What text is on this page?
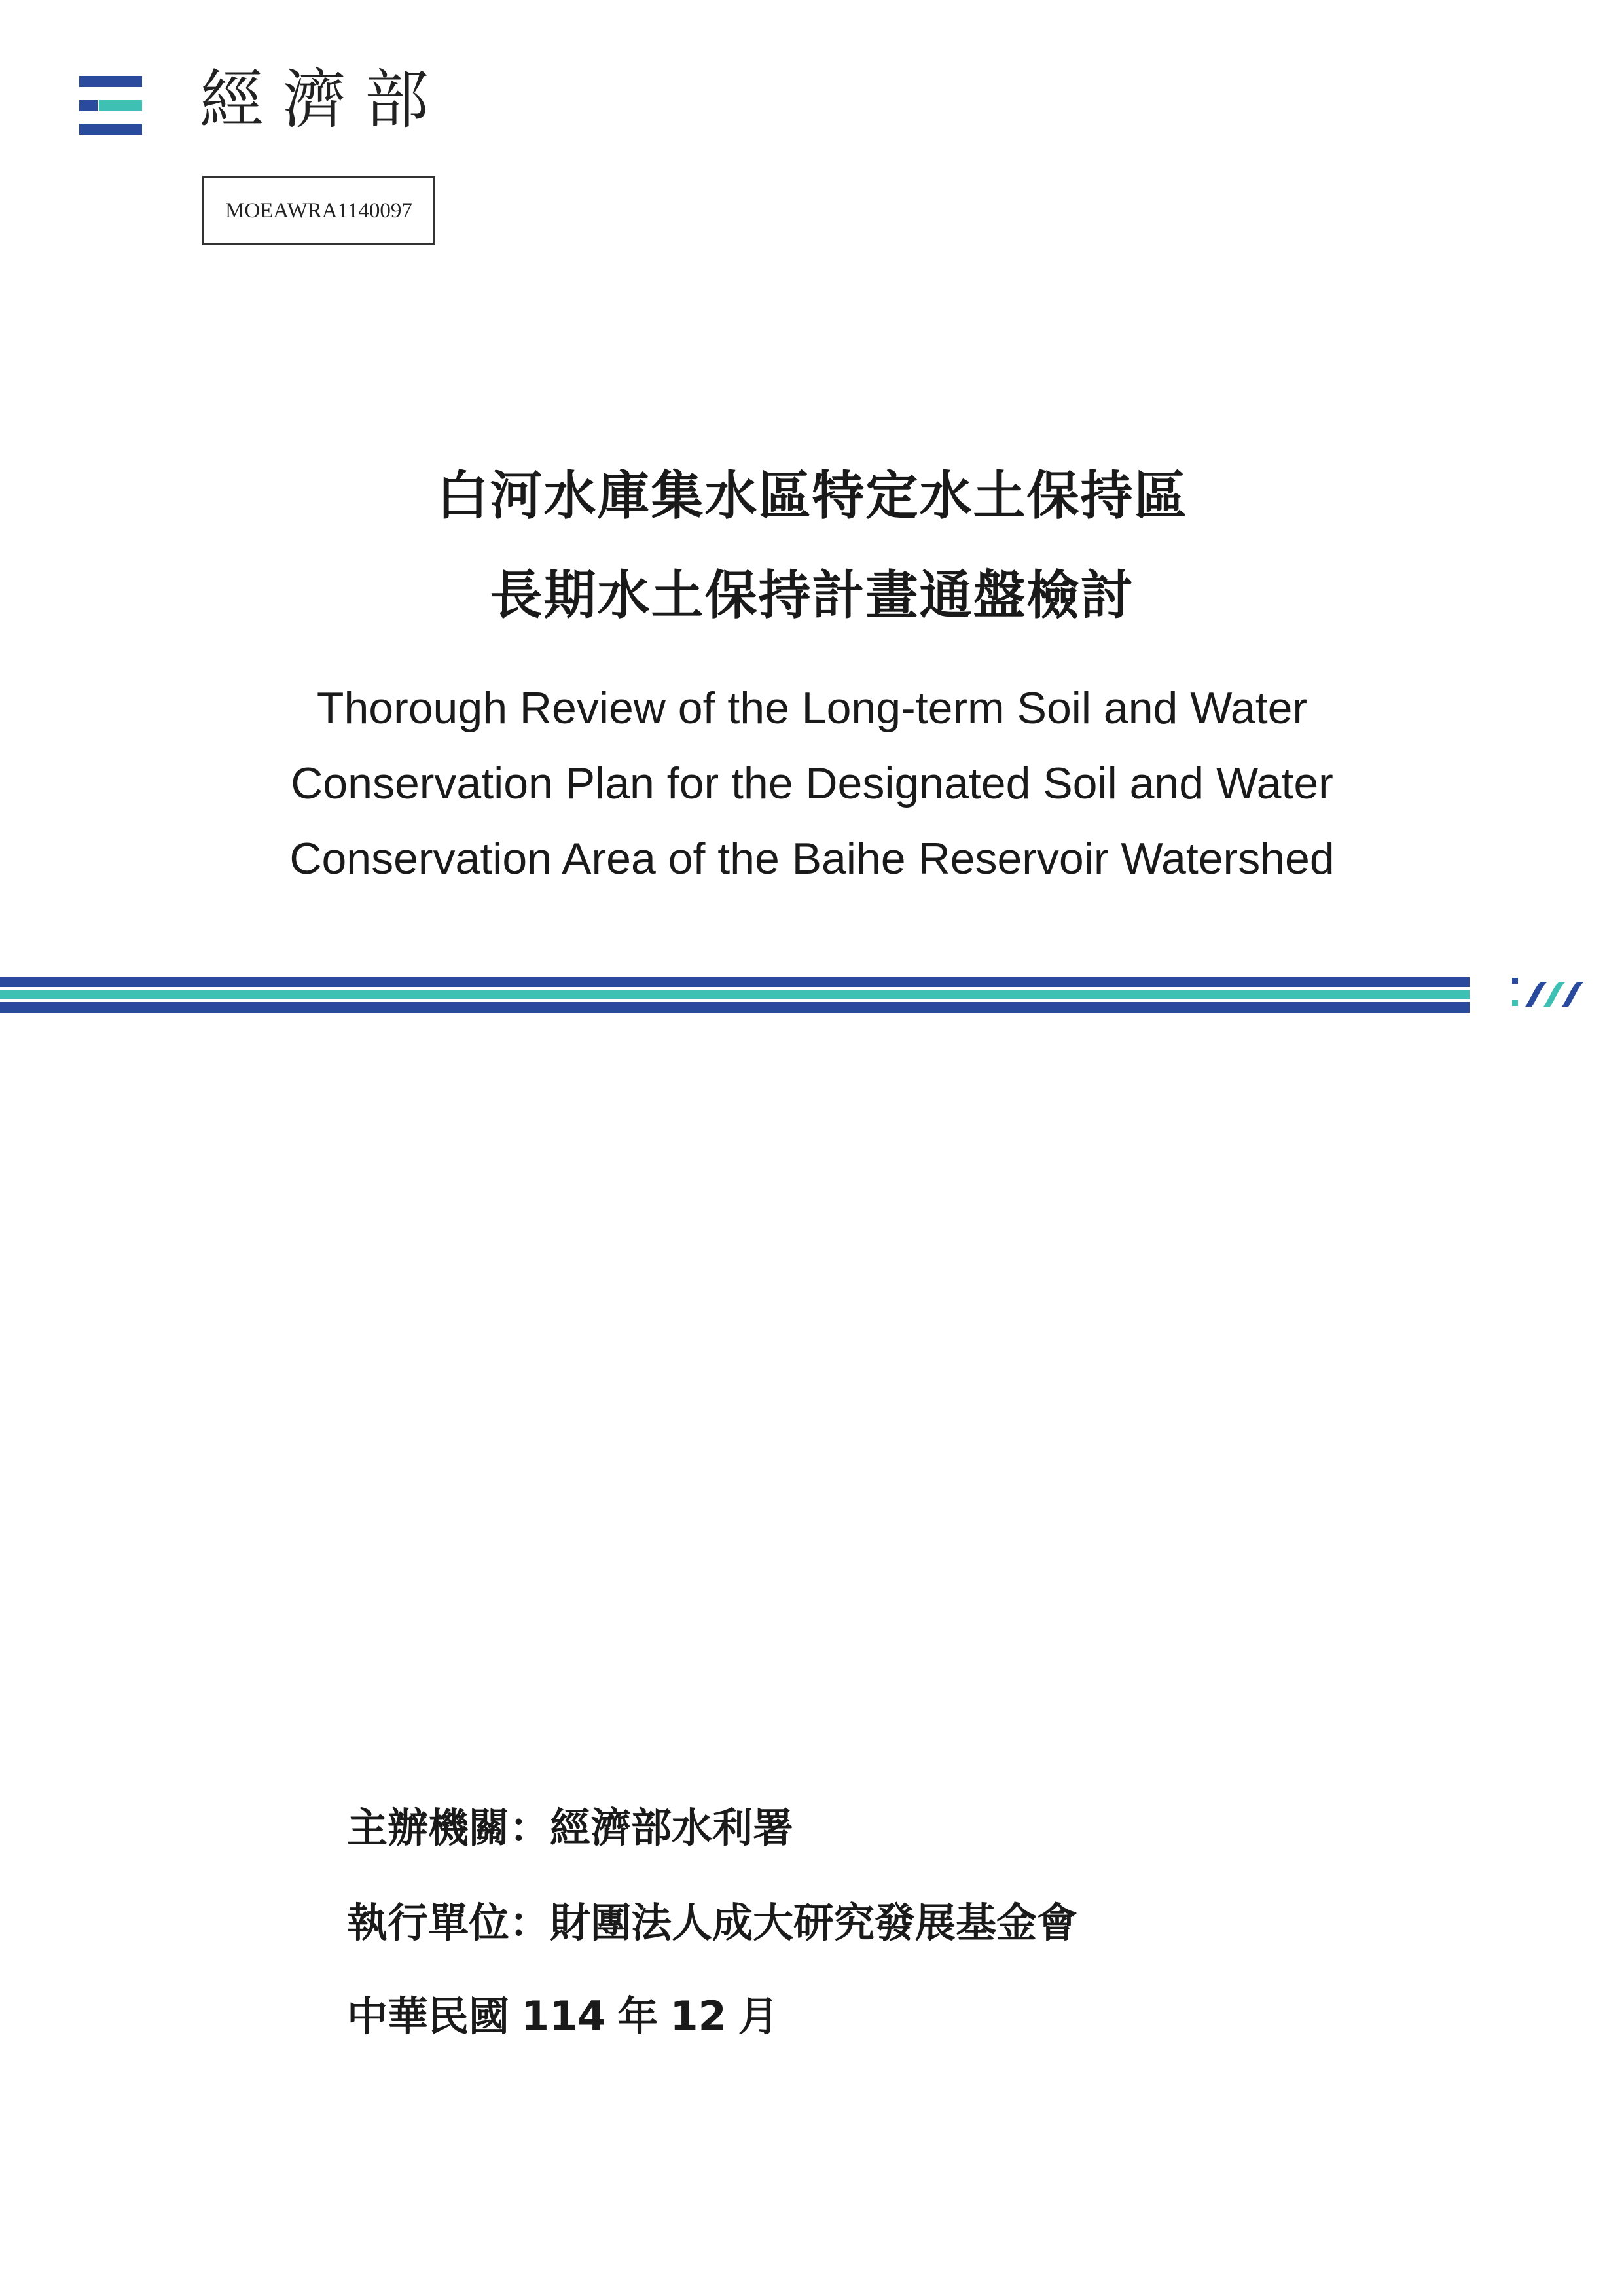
經濟部
MOEAWRA1140097
白河水庫集水區特定水土保持區
長期水土保持計畫通盤檢討
Thorough Review of the Long-term Soil and Water
Conservation Plan for the Designated Soil and Water
Conservation Area of the Baihe Reservoir Watershed
主辦機關：經濟部水利署
執行單位：財團法人成大研究發展基金會
中華民國 114 年 12 月
